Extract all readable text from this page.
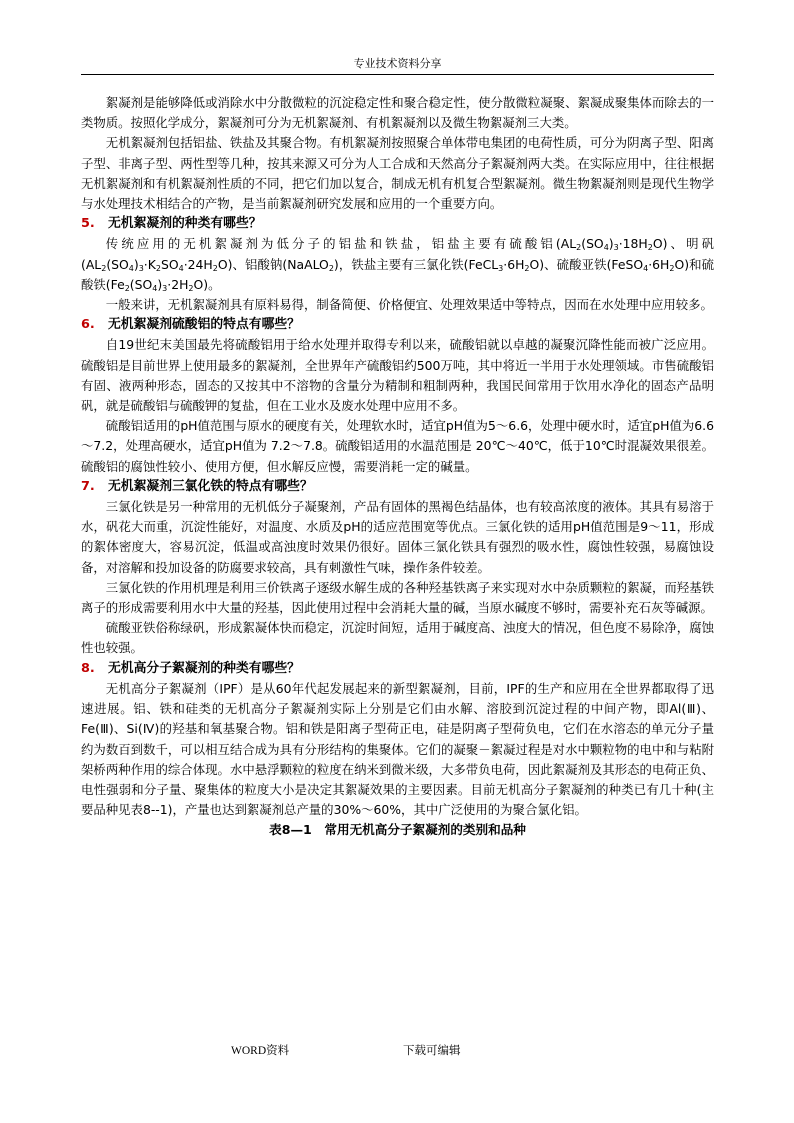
专业技术资料分享

絮凝剂是能够降低或消除水中分散微粒的沉淀稳定性和聚合稳定性，使分散微粒凝聚、絮凝成聚集体而除去的一类物质。按照化学成分，絮凝剂可分为无机絮凝剂、有机絮凝剂以及微生物絮凝剂三大类。

无机絮凝剂包括铝盐、铁盐及其聚合物。有机絮凝剂按照聚合单体带电集团的电荷性质，可分为阴离子型、阳离子型、非离子型、两性型等几种，按其来源又可分为人工合成和天然高分子絮凝剂两大类。在实际应用中，往往根据无机絮凝剂和有机絮凝剂性质的不同，把它们加以复合，制成无机有机复合型絮凝剂。微生物絮凝剂则是现代生物学与水处理技术相结合的产物，是当前絮凝剂研究发展和应用的一个重要方向。

5. 无机絮凝剂的种类有哪些？

传统应用的无机絮凝剂为低分子的铝盐和铁盐，铝盐主要有硫酸铝$(AL_2(SO_4)_3\cdot 18H_2O)$、明矾$(AL_2(SO_4)_3\cdot K_2SO_4\cdot 24H_2O)$、铝酸钠(NaALO$_2$)，铁盐主要有三氯化铁$(FeCL_3\cdot 6H_2O)$、硫酸亚铁$(FeSO_4\cdot 6H_2O)$和硫酸铁$(Fe_2(SO_4)_3\cdot 2H_2O)$。

一般来讲，无机絮凝剂具有原料易得，制备简便、价格便宜、处理效果适中等特点，因而在水处理中应用较多。

6. 无机絮凝剂硫酸铝的特点有哪些？

自19世纪末美国最先将硫酸铝用于给水处理并取得专利以来，硫酸铝就以卓越的凝聚沉降性能而被广泛应用。硫酸铝是目前世界上使用最多的絮凝剂，全世界年产硫酸铝约500万吨，其中将近一半用于水处理领域。市售硫酸铝有固、液两种形态，固态的又按其中不溶物的含量分为精制和粗制两种，我国民间常用于饮用水净化的固态产品明矾，就是硫酸铝与硫酸钾的复盐，但在工业水及废水处理中应用不多。

硫酸铝适用的pH值范围与原水的硬度有关，处理软水时，适宜pH值为5～6.6，处理中硬水时，适宜pH值为6.6～7.2，处理高硬水，适宜pH值为 7.2～7.8。硫酸铝适用的水温范围是 20℃～40℃，低于10℃时混凝效果很差。硫酸铝的腐蚀性较小、使用方便，但水解反应慢，需要消耗一定的碱量。

7. 无机絮凝剂三氯化铁的特点有哪些？

三氯化铁是另一种常用的无机低分子凝聚剂，产品有固体的黑褐色结晶体，也有较高浓度的液体。其具有易溶于水，矾花大而重，沉淀性能好，对温度、水质及pH的适应范围宽等优点。三氯化铁的适用pH值范围是9～11，形成的絮体密度大，容易沉淀，低温或高浊度时效果仍很好。固体三氯化铁具有强烈的吸水性，腐蚀性较强，易腐蚀设备，对溶解和投加设备的防腐要求较高，具有刺激性气味，操作条件较差。

三氯化铁的作用机理是利用三价铁离子逐级水解生成的各种羟基铁离子来实现对水中杂质颗粒的絮凝，而羟基铁离子的形成需要利用水中大量的羟基，因此使用过程中会消耗大量的碱，当原水碱度不够时，需要补充石灰等碱源。

硫酸亚铁俗称绿矾，形成絮凝体快而稳定，沉淀时间短，适用于碱度高、浊度大的情况，但色度不易除净，腐蚀性也较强。

8. 无机高分子絮凝剂的种类有哪些？

无机高分子絮凝剂（IPF）是从60年代起发展起来的新型絮凝剂，目前，IPF的生产和应用在全世界都取得了迅速进展。铝、铁和硅类的无机高分子絮凝剂实际上分别是它们由水解、溶胶到沉淀过程的中间产物，即Al(Ⅲ)、Fe(Ⅲ)、Si(Ⅳ)的羟基和氧基聚合物。铝和铁是阳离子型荷正电，硅是阴离子型荷负电，它们在水溶态的单元分子量约为数百到数千，可以相互结合成为具有分形结构的集聚体。它们的凝聚－絮凝过程是对水中颗粒物的电中和与粘附架桥两种作用的综合体现。水中悬浮颗粒的粒度在纳米到微米级，大多带负电荷，因此絮凝剂及其形态的电荷正负、电性强弱和分子量、聚集体的粒度大小是决定其絮凝效果的主要因素。目前无机高分子絮凝剂的种类已有几十种(主要品种见表8--1)，产量也达到絮凝剂总产量的30%～60%，其中广泛使用的为聚合氯化铝。

表8—1　常用无机高分子絮凝剂的类别和品种
WORD资料	下载可编辑
